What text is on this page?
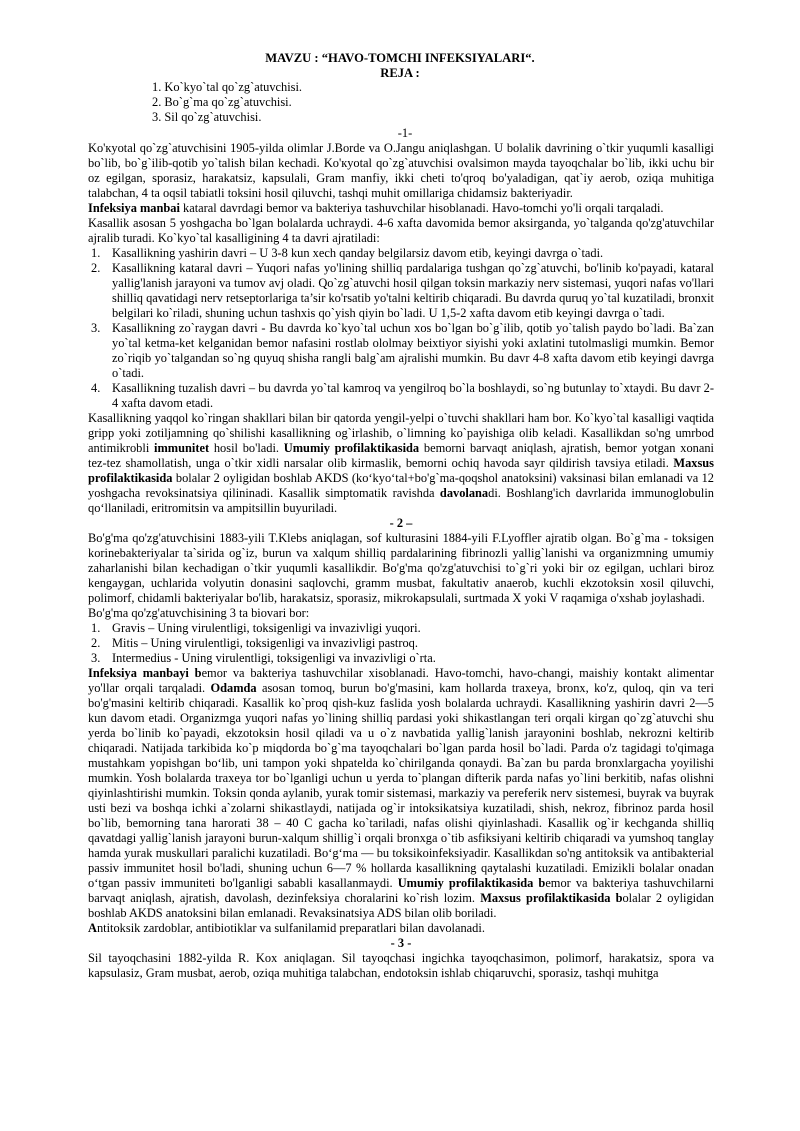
MAVZU : “HAVO-TOMCHI INFEKSIYALARI“.
REJA :
1. Ko`kyo`tal qo`zg`atuvchisi.
2. Bo`g`ma qo`zg`atuvchisi.
3. Sil qo`zg`atuvchisi.
-1-

Ko'кyotal qo`zg`atuvchisini 1905-yilda olimlar J.Borde va O.Jangu aniqlashgan. U bolalik davrining o`tkir yuqumli kasalligi bo`lib, bo`g`ilib-qotib yo`talish bilan kechadi. Ko'кyotal qo`zg`atuvchisi ovalsimon mayda tayoqchalar bo`lib, ikki uchu bir oz egilgan, sporasiz, harakatsiz, kapsulali, Gram manfiy, ikki cheti to'qroq bo'yaladigan, qat`iy aerob, oziqa muhitiga talabchan, 4 ta oqsil tabiatli toksini hosil qiluvchi, tashqi muhit omillariga chidamsiz bakteriyadir.

Infeksiya manbai kataral davrdagi bemor va bakteriya tashuvchilar hisoblanadi. Havo-tomchi yo'li orqali tarqaladi.

Kasallik asosan 5 yoshgacha bo`lgan bolalarda uchraydi. 4-6 xafta davomida bemor aksirganda, yo`talganda qo'zg'atuvchilar ajralib turadi. Ko`kyo`tal kasalligining 4 ta davri ajratiladi:

1. Kasallikning yashirin davri – U 3-8 kun xech qanday belgilarsiz davom etib, keyingi davrga o`tadi.
2. Kasallikning kataral davri – Yuqori nafas yo'lining shilliq pardalariga tushgan qo`zg`atuvchi, bo'linib ko'payadi, kataral yallig'lanish jarayoni va tumov avj oladi. Qo`zg`atuvchi hosil qilgan toksin markaziy nerv sistemasi, yuqori nafas vo'llari shilliq qavatidagi nerv retseptorlariga ta’sir ko'rsatib yo'talni keltirib chiqaradi. Bu davrda quruq yo`tal kuzatiladi, bronxit belgilari ko`riladi, shuning uchun tashxis qo`yish qiyin bo`ladi. U 1,5-2 xafta davom etib keyingi davrga o`tadi.
3. Kasallikning zo`raygan davri - Bu davrda ko`kyo`tal uchun xos bo`lgan bo`g`ilib, qotib yo`talish paydo bo`ladi. Ba`zan yo`tal ketma-ket kelganidan bemor nafasini rostlab ololmay beixtiyor siyishi yoki axlatini tutolmasligi mumkin. Bemor zo`riqib yo`talgandan so`ng quyuq shisha rangli balg`am ajralishi mumkin. Bu davr 4-8 xafta davom etib keyingi davrga o`tadi.
4. Kasallikning tuzalish davri – bu davrda yo`tal kamroq va yengilroq bo`la boshlaydi, so`ng butunlay to`xtaydi. Bu davr 2-4 xafta davom etadi.

Kasallikning yaqqol ko`ringan shakllari bilan bir qatorda yengil-yelpi o`tuvchi shakllari ham bor. Ko`kyo`tal kasalligi vaqtida gripp yoki zotiljamning qo`shilishi kasallikning og`irlashib, o`limning ko`payishiga olib keladi. Kasallikdan so'ng umrbod antimikrobli immunitet hosil bo'ladi. Umumiy profilaktikasida bemorni barvaqt aniqlash, ajratish, bemor yotgan xonani tez-tez shamollatish, unga o`tkir xidli narsalar olib kirmaslik, bemorni ochiq havoda sayr qildirish tavsiya etiladi. Maxsus profilaktikasida bolalar 2 oyligidan boshlab AKDS (ko‘kyo‘tal+bo'g`ma-qoqshol anatoksini) vaksinasi bilan emlanadi va 12 yoshgacha revoksinatsiya qilininadi. Kasallik simptomatik ravishda davolanadi. Boshlang'ich davrlarida immunoglobulin qo‘llaniladi, eritromitsin va ampitsillin buyuriladi.

- 2 –

Bo'g'ma qo'zg'atuvchisini 1883-yili T.Klebs aniqlagan, sof kulturasini 1884-yili F.Lyoffler ajratib olgan. Bo`g`ma - toksigen korinebakteriyalar ta`sirida og`iz, burun va xalqum shilliq pardalarining fibrinozli yallig`lanishi va organizmning umumiy zaharlanishi bilan kechadigan o`tkir yuqumli kasallikdir. Bo'g'ma qo'zg'atuvchisi to`g`ri yoki bir oz egilgan, uchlari biroz kengaygan, uchlarida volyutin donasini saqlovchi, gramm musbat, fakultativ anaerob, kuchli ekzotoksin xosil qiluvchi, polimorf, chidamli bakteriyalar bo'lib, harakatsiz, sporasiz, mikrokapsulali, surtmada X yoki V raqamiga o'xshab joylashadi.

Bo'g'ma qo'zg'atuvchisining 3 ta biovari bor:

1. Gravis – Uning virulentligi, toksigenligi va invazivligi yuqori.
2. Mitis – Uning virulentligi, toksigenligi va invazivligi pastroq.
3. Intermedius - Uning virulentligi, toksigenligi va invazivligi o`rta.

Infeksiya manbayi bemor va bakteriya tashuvchilar xisoblanadi. Havo-tomchi, havo-changi, maishiy kontakt alimentar yo'llar orqali tarqaladi. Odamda asosan tomoq, burun bo'g'masini, kam hollarda traxeya, bronx, ko'z, quloq, qin va teri bo'g'masini keltirib chiqaradi. Kasallik ko`proq qish-kuz faslida yosh bolalarda uchraydi. Kasallikning yashirin davri 2—5 kun davom etadi. Organizmga yuqori nafas yo`lining shilliq pardasi yoki shikastlangan teri orqali kirgan qo`zg`atuvchi shu yerda bo`linib ko`payadi, ekzotoksin hosil qiladi va u o`z navbatida yallig`lanish jarayonini boshlab, nekrozni keltirib chiqaradi. Natijada tarkibida ko`p miqdorda bo`g`ma tayoqchalari bo`lgan parda hosil bo`ladi. Parda o'z tagidagi to'qimaga mustahkam yopishgan bo‘lib, uni tampon yoki shpatelda ko`chirilganda qonaydi. Ba`zan bu parda bronxlargacha yoyilishi mumkin. Yosh bolalarda traxeya tor bo`lganligi uchun u yerda to`plangan difterik parda nafas yo`lini berkitib, nafas olishni qiyinlashtirishi mumkin. Toksin qonda aylanib, yurak tomir sistemasi, markaziy va pereferik nerv sistemesi, buyrak va buyrak usti bezi va boshqa ichki a`zolarni shikastlaydi, natijada og`ir intoksikatsiya kuzatiladi, shish, nekroz, fibrinoz parda hosil bo`lib, bemorning tana harorati 38 – 40 C gacha ko`tariladi, nafas olishi qiyinlashadi. Kasallik og`ir kechganda shilliq qavatdagi yallig`lanish jarayoni burun-xalqum shillig`i orqali bronxga o`tib asfiksiyani keltirib chiqaradi va yumshoq tanglay hamda yurak muskullari paralichi kuzatiladi. Bo‘g‘ma — bu toksikoinfeksiyadir. Kasallikdan so'ng antitoksik va antibakterial passiv immunitet hosil bo'ladi, shuning uchun 6—7 % hollarda kasallikning qaytalashi kuzatiladi. Emizikli bolalar onadan o‘tgan passiv immuniteti bo'lganligi sababli kasallanmaydi. Umumiy profilaktikasida bemor va bakteriya tashuvchilarni barvaqt aniqlash, ajratish, davolash, dezinfeksiya choralarini ko`rish lozim. Maxsus profilaktikasida bolalar 2 oyligidan boshlab AKDS anatoksini bilan emlanadi. Revaksinatsiya ADS bilan olib boriladi.

Antitoksik zardoblar, antibiotiklar va sulfanilamid preparatlari bilan davolanadi.

- 3 -

Sil tayoqchasini 1882-yilda R. Kox aniqlagan. Sil tayoqchasi ingichka tayoqchasimon, polimorf, harakatsiz, spora va kapsulasiz, Gram musbat, aerob, oziqa muhitiga talabchan, endotoksin ishlab chiqaruvchi, sporasiz, tashqi muhitga
